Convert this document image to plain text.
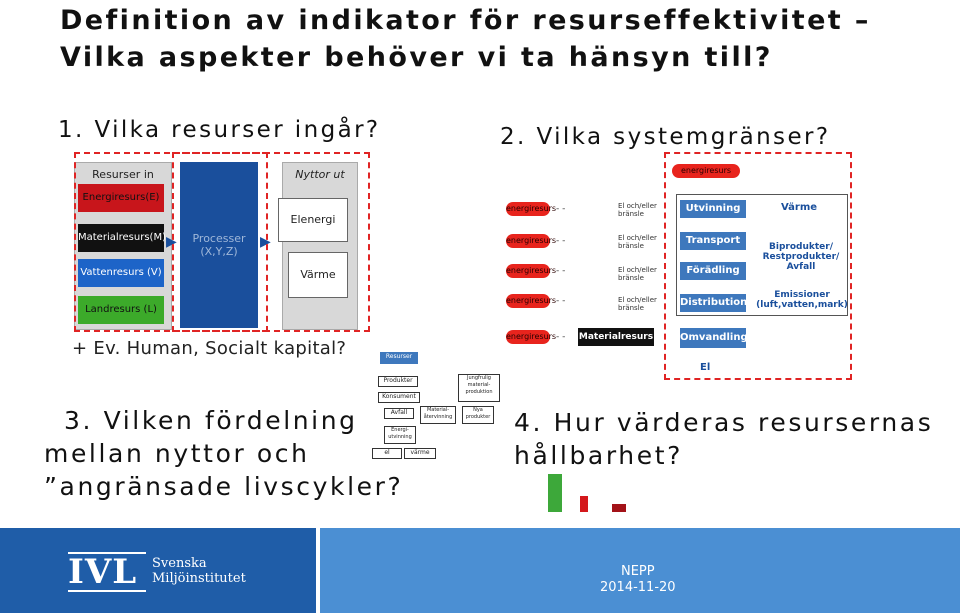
Definition av indikator för resurseffektivitet –
Vilka aspekter behöver vi ta hänsyn till?
1. Vilka resurser ingår?	2. Vilka systemgränser?
Resurser in	Nyttor ut
Energiresurs(E)
Materialresurs(M)
Vattenresurs (V)
Landresurs (L)
Processer
(X,Y,Z)
▶	▶
Elenergi
Värme
+ Ev. Human, Socialt kapital?
energiresurs
energiresurs
energiresurs
energiresurs
energiresurs
energiresurs
- -
- -
- -
- -
- -
El och/eller bränsle
El och/eller bränsle
El och/eller bränsle
El och/eller bränsle
Utvinning
Transport
Förädling
Distribution
Omvandling
Materialresurs
Värme
Biprodukter/
Restprodukter/
Avfall
Emissioner
(luft,vatten,mark)
El
Resurser
Produkter	Jungfrulig
material-
produktion
Konsument
Avfall	Material-
återvinning
Nya
produkter
Energi-
utvinning
el	värme
3. Vilken fördelning
mellan nyttor och
”angränsade livscykler?
4. Hur värderas resursernas
hållbarhet?
IVL	Svenska
Miljöinstitutet	NEPP
2014-11-20
